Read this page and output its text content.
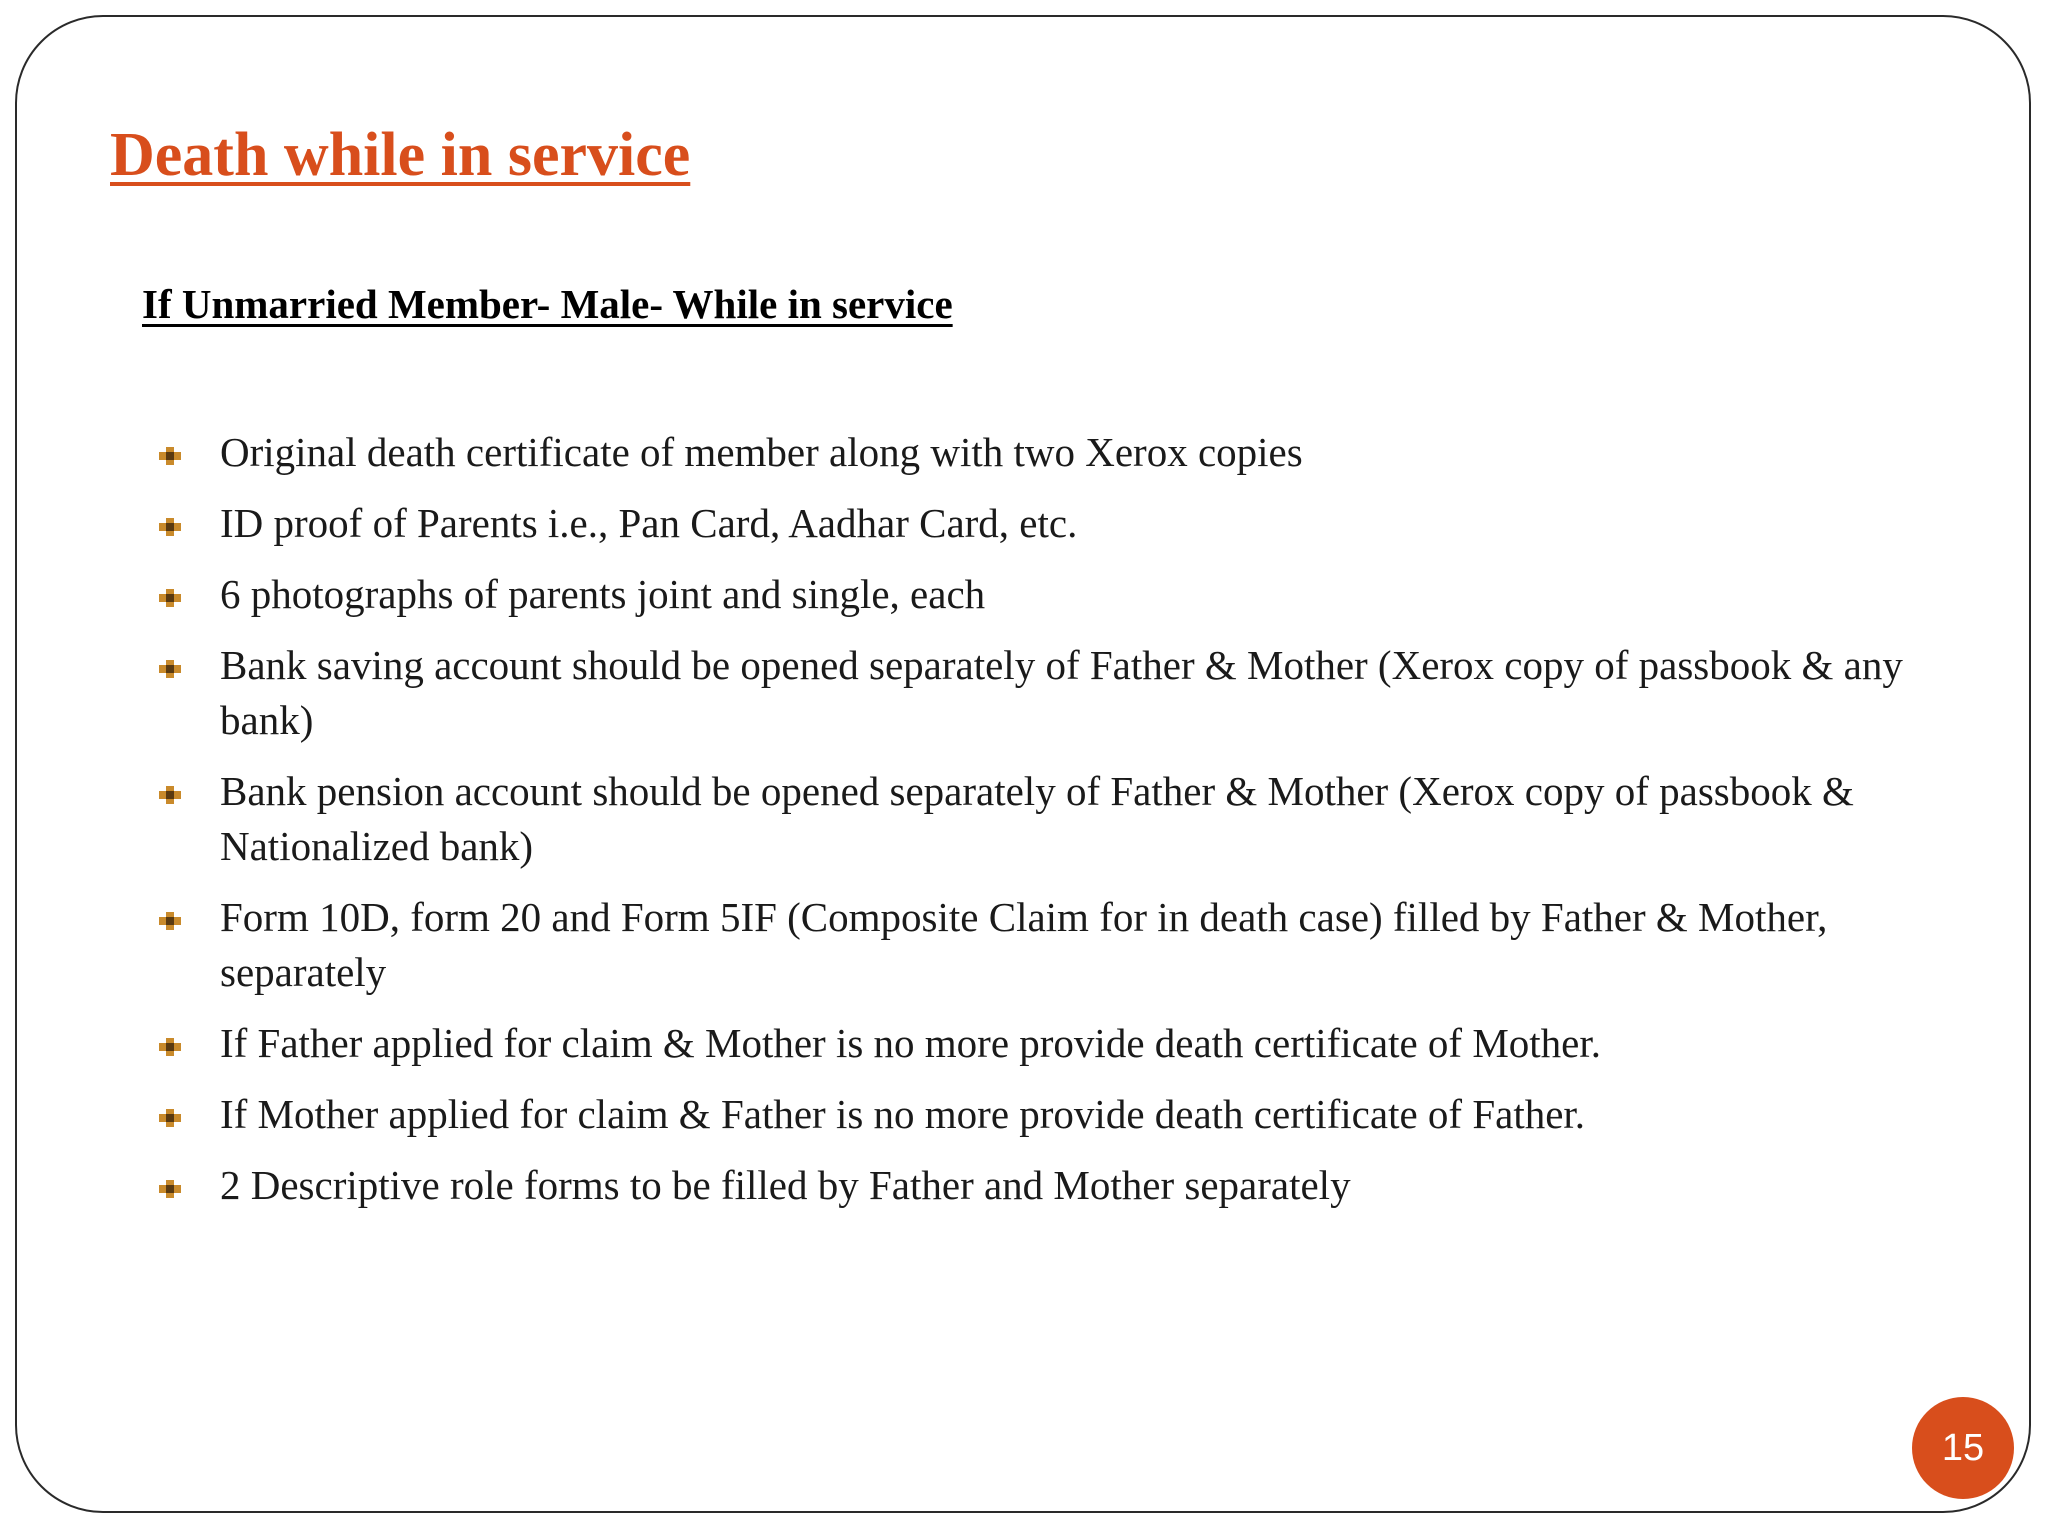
Death while in service
If Unmarried Member- Male- While in service
Original death certificate of member along with two Xerox copies
ID proof of Parents i.e., Pan Card, Aadhar Card, etc.
6 photographs of parents joint and single, each
Bank saving account should be opened separately of Father & Mother (Xerox copy of passbook & any bank)
Bank pension account should be opened separately of Father & Mother (Xerox copy of passbook & Nationalized bank)
Form 10D, form 20 and Form 5IF (Composite Claim for in death case) filled by Father & Mother, separately
If Father applied for claim & Mother is no more provide death certificate of Mother.
If Mother applied for claim & Father is no more provide death certificate of Father.
2 Descriptive role forms to be filled by Father and Mother separately
15
